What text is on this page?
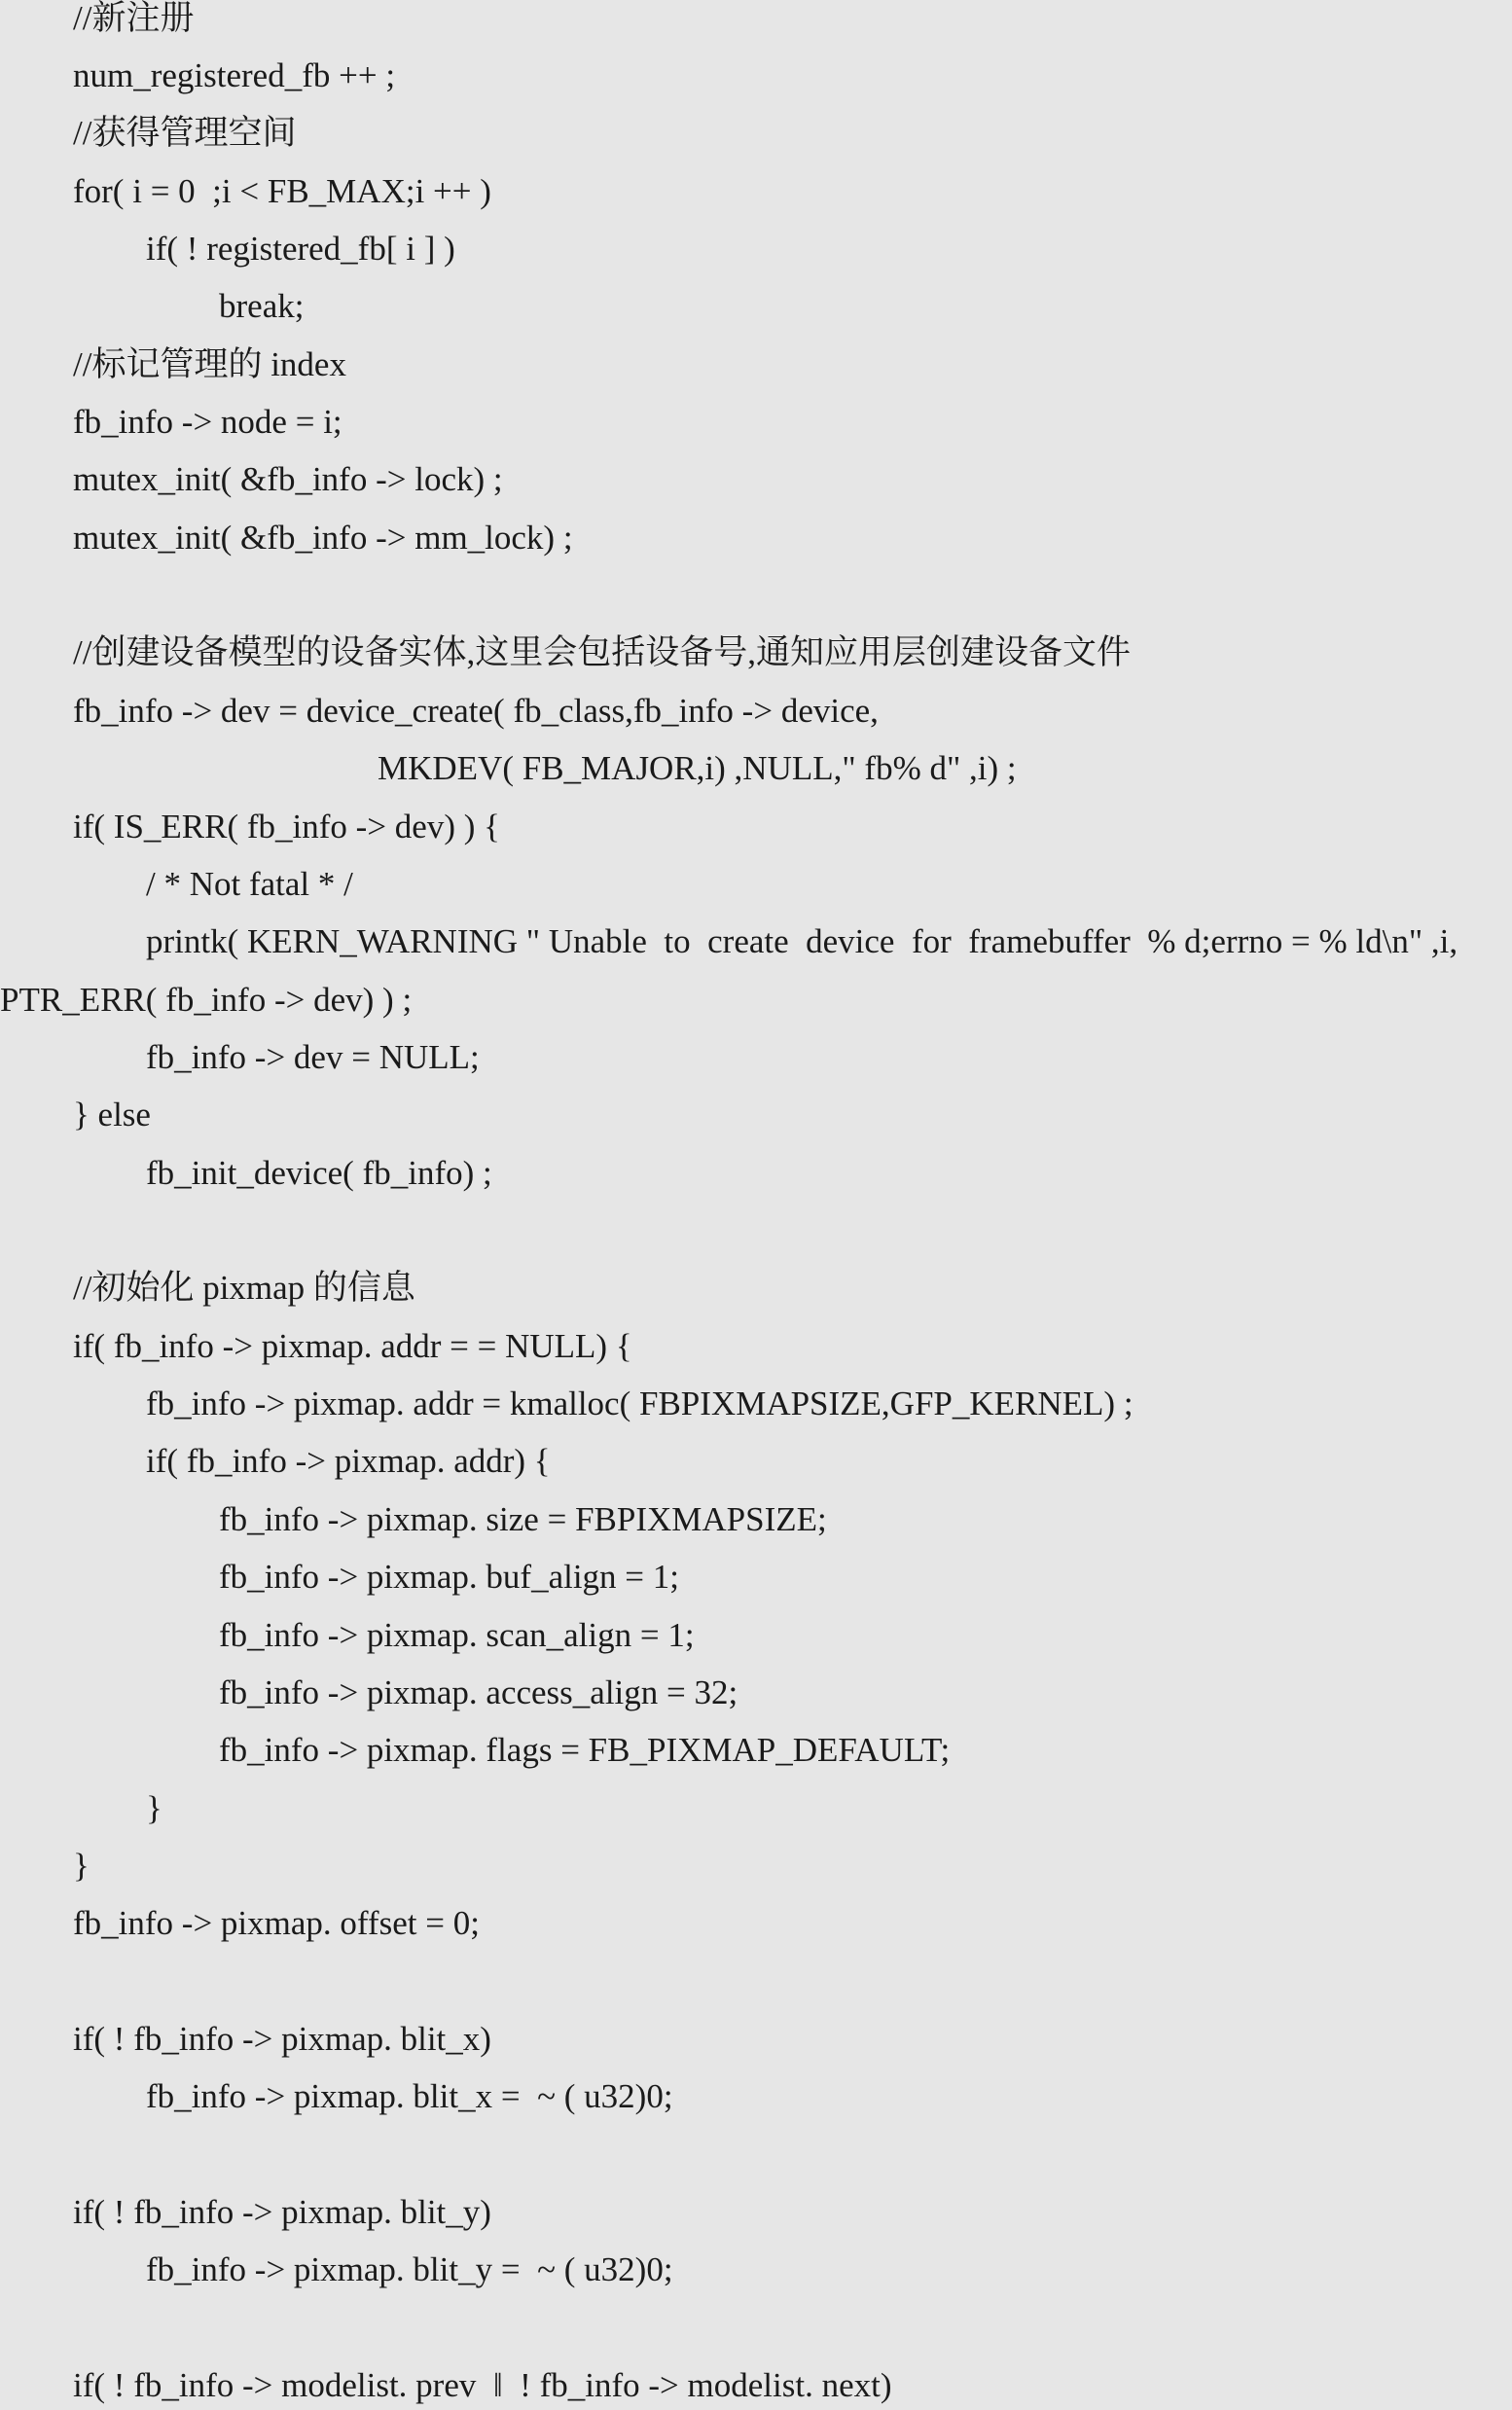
//新注册
num_registered_fb ++ ;
//获得管理空间
for( i = 0  ;i < FB_MAX;i ++ )
if( ! registered_fb[ i ] )
break;
//标记管理的 index
fb_info -> node = i;
mutex_init( &fb_info -> lock) ;
mutex_init( &fb_info -> mm_lock) ;
//创建设备模型的设备实体,这里会包括设备号,通知应用层创建设备文件
fb_info -> dev = device_create( fb_class,fb_info -> device,
MKDEV( FB_MAJOR,i) ,NULL," fb% d" ,i) ;
if( IS_ERR( fb_info -> dev) ) {
/ * Not fatal * /
printk( KERN_WARNING " Unable  to  create  device  for  framebuffer  % d;errno = % ld\n" ,i,
PTR_ERR( fb_info -> dev) ) ;
fb_info -> dev = NULL;
} else
fb_init_device( fb_info) ;
//初始化 pixmap 的信息
if( fb_info -> pixmap. addr = = NULL) {
fb_info -> pixmap. addr = kmalloc( FBPIXMAPSIZE,GFP_KERNEL) ;
if( fb_info -> pixmap. addr) {
fb_info -> pixmap. size = FBPIXMAPSIZE;
fb_info -> pixmap. buf_align = 1;
fb_info -> pixmap. scan_align = 1;
fb_info -> pixmap. access_align = 32;
fb_info -> pixmap. flags = FB_PIXMAP_DEFAULT;
}
}
fb_info -> pixmap. offset = 0;
if( ! fb_info -> pixmap. blit_x)
fb_info -> pixmap. blit_x =  ~ ( u32)0;
if( ! fb_info -> pixmap. blit_y)
fb_info -> pixmap. blit_y =  ~ ( u32)0;
if( ! fb_info -> modelist. prev  ‖  ! fb_info -> modelist. next)
